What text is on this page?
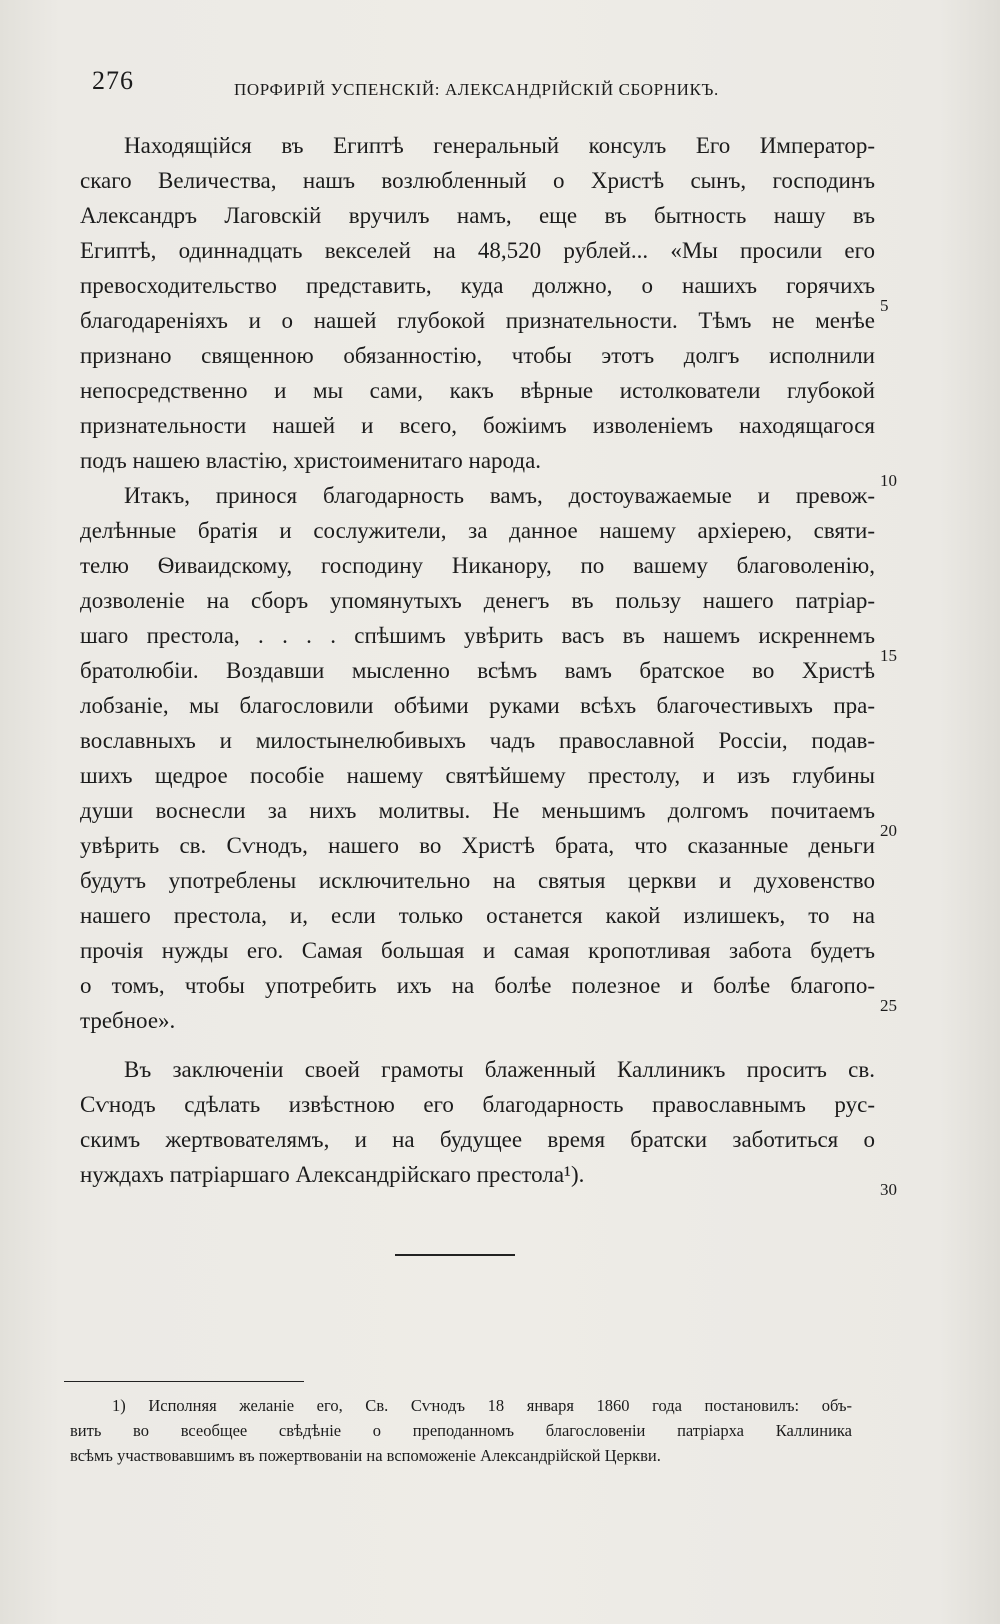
276	ПОРФИРІЙ УСПЕНСКІЙ: АЛЕКСАНДРІЙСКІЙ СБОРНИКЪ.
Находящійся въ Египтѣ генеральный консулъ Его Император-
скаго Величества, нашъ возлюбленный о Христѣ сынъ, господинъ
Александръ Лаговскій вручилъ намъ, еще въ бытность нашу въ
Египтѣ, одиннадцать векселей на 48,520 рублей... «Мы просили его
превосходительство представить, куда должно, о нашихъ горячихъ
благодареніяхъ и о нашей глубокой признательности. Тѣмъ не менѣе
признано священною обязанностію, чтобы этотъ долгъ исполнили
непосредственно и мы сами, какъ вѣрные истолкователи глубокой
признательности нашей и всего, божіимъ изволеніемъ находящагося
подъ нашею властію, христоименитаго народа.
Итакъ, принося благодарность вамъ, достоуважаемые и превож-
делѣнные братія и сослужители, за данное нашему архіерею, святи-
телю Ѳиваидскому, господину Никанору, по вашему благоволенію,
дозволеніе на сборъ упомянутыхъ денегъ въ пользу нашего патріар-
шаго престола, . . . . спѣшимъ увѣрить васъ въ нашемъ искреннемъ
братолюбіи. Воздавши мысленно всѣмъ вамъ братское во Христѣ
лобзаніе, мы благословили обѣими руками всѣхъ благочестивыхъ пра-
вославныхъ и милостынелюбивыхъ чадъ православной Россіи, подав-
шихъ щедрое пособіе нашему святѣйшему престолу, и изъ глубины
души воснесли за нихъ молитвы. Не меньшимъ долгомъ почитаемъ
увѣрить св. Сѵнодъ, нашего во Христѣ брата, что сказанные деньги
будутъ употреблены исключительно на святыя церкви и духовенство
нашего престола, и, если только останется какой излишекъ, то на
прочія нужды его. Самая большая и самая кропотливая забота будетъ
о томъ, чтобы употребить ихъ на болѣе полезное и болѣе благопо-
требное».
Въ заключеніи своей грамоты блаженный Каллиникъ проситъ св.
Сѵнодъ сдѣлать извѣстною его благодарность православнымъ рус-
скимъ жертвователямъ, и на будущее время братски заботиться о
нуждахъ патріаршаго Александрійскаго престола¹).
5
10
15
20
25
30
1) Исполняя желаніе его, Св. Сѵнодъ 18 января 1860 года постановилъ: объ-
вить во всеобщее свѣдѣніе о преподанномъ благословеніи патріарха Каллиника
всѣмъ участвовавшимъ въ пожертвованіи на вспоможеніе Александрійской Церкви.
